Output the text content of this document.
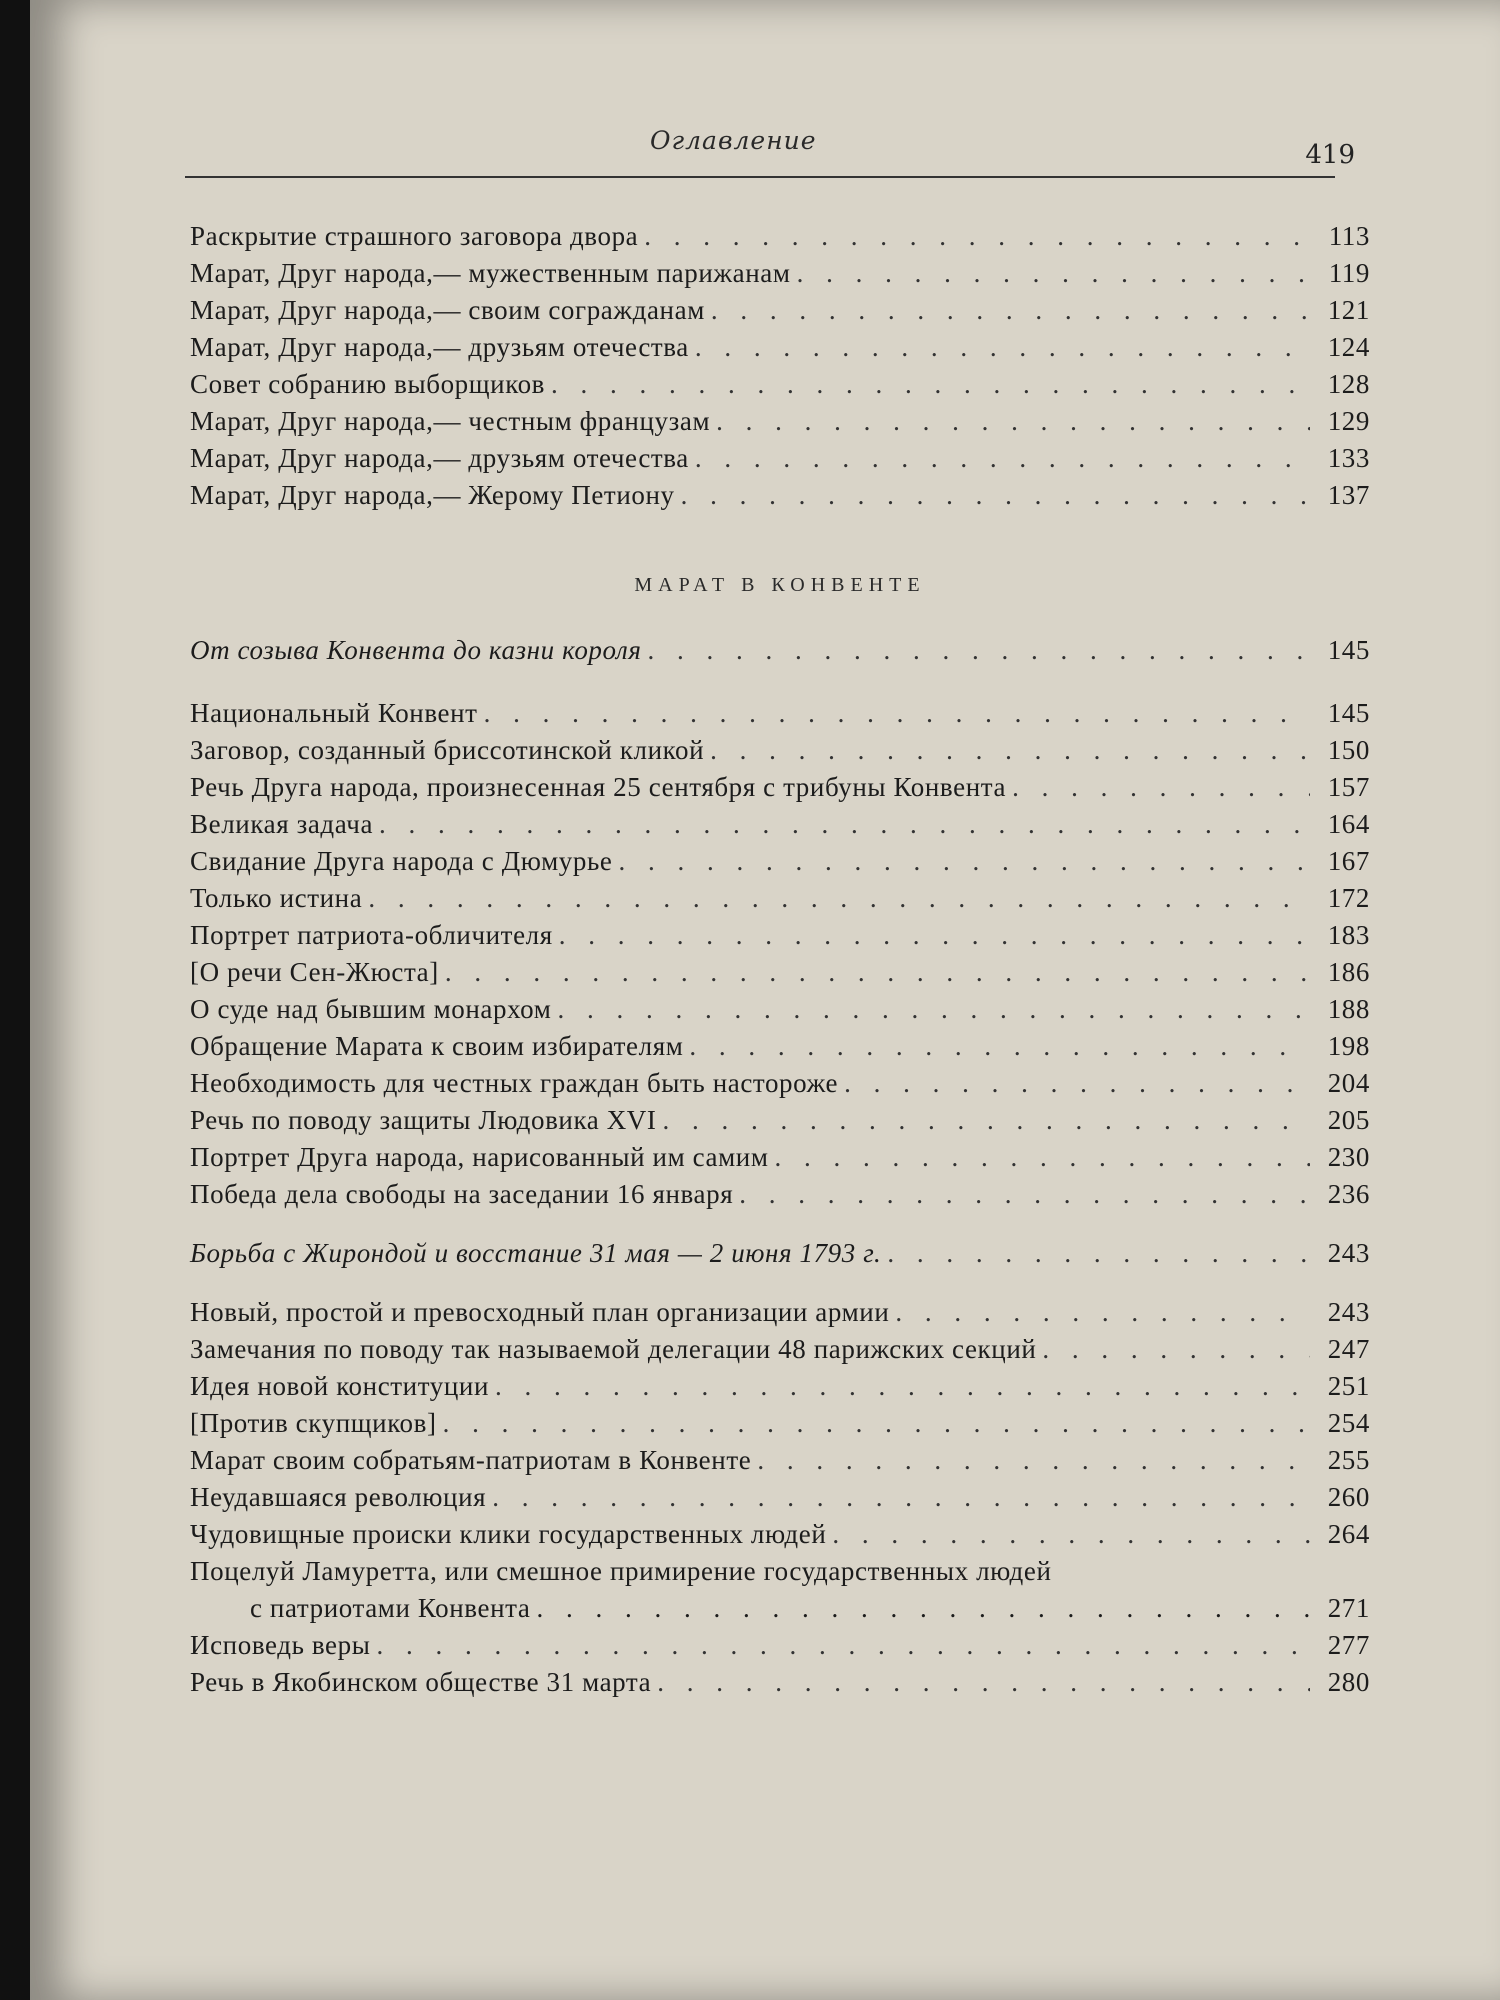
Оглавление	419
Раскрытие страшного заговора двора . . .	113
Марат, Друг народа,— мужественным парижанам . . .	119
Марат, Друг народа,— своим согражданам . . .	121
Марат, Друг народа,— друзьям отечества . . .	124
Совет собранию выборщиков . . .	128
Марат, Друг народа,— честным французам . . .	129
Марат, Друг народа,— друзьям отечества . . .	133
Марат, Друг народа,— Жерому Петиону . . .	137
МАРАТ В КОНВЕНТЕ
От созыва Конвента до казни короля . . .	145
Национальный Конвент . . .	145
Заговор, созданный бриссотинской кликой . . .	150
Речь Друга народа, произнесенная 25 сентября с трибуны Конвента . . .	157
Великая задача . . .	164
Свидание Друга народа с Дюмурье . . .	167
Только истина . . .	172
Портрет патриота-обличителя . . .	183
[О речи Сен-Жюста] . . .	186
О суде над бывшим монархом . . .	188
Обращение Марата к своим избирателям . . .	198
Необходимость для честных граждан быть настороже . . .	204
Речь по поводу защиты Людовика XVI . . .	205
Портрет Друга народа, нарисованный им самим . . .	230
Победа дела свободы на заседании 16 января . . .	236
Борьба с Жирондой и восстание 31 мая — 2 июня 1793 г. . . .	243
Новый, простой и превосходный план организации армии . . .	243
Замечания по поводу так называемой делегации 48 парижских секций . . .	247
Идея новой конституции . . .	251
[Против скупщиков] . . .	254
Марат своим собратьям-патриотам в Конвенте . . .	255
Неудавшаяся революция . . .	260
Чудовищные происки клики государственных людей . . .	264
Поцелуй Ламуретта, или смешное примирение государственных людей
с патриотами Конвента . . .	271
Исповедь веры . . .	277
Речь в Якобинском обществе 31 марта . . .	280
